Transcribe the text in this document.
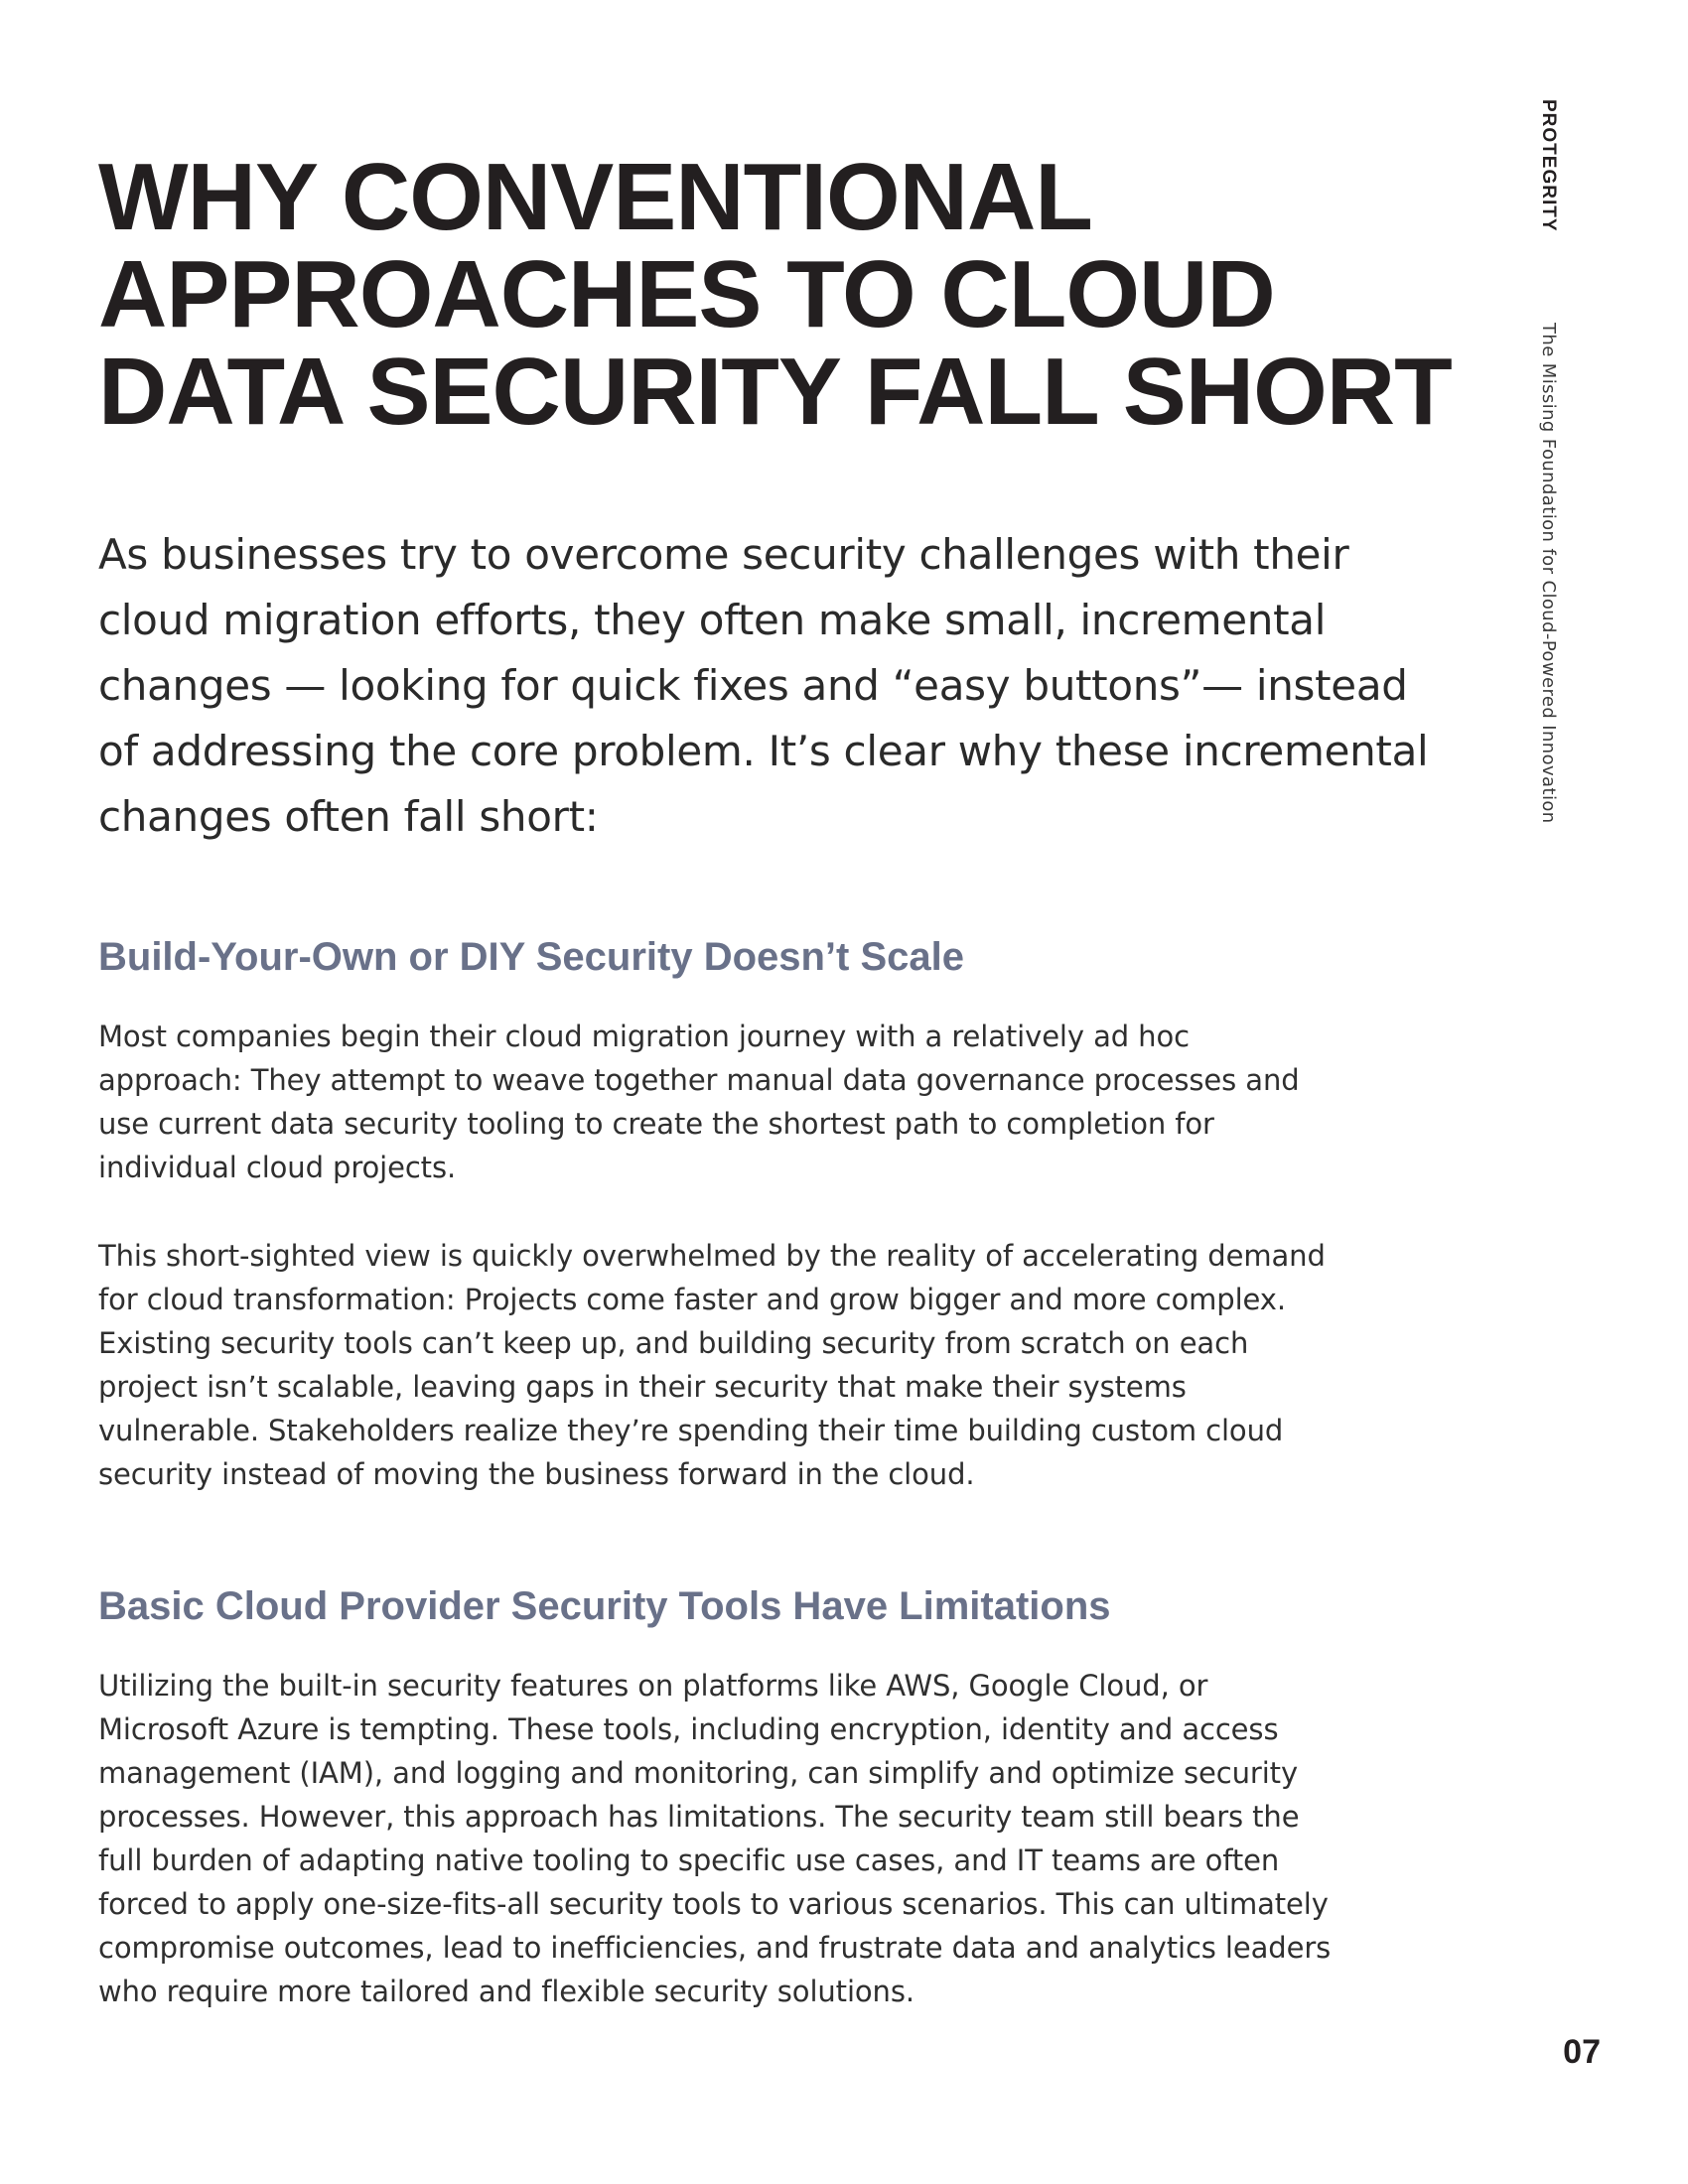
PROTEGRITY
The Missing Foundation for Cloud-Powered Innovation
WHY CONVENTIONAL APPROACHES TO CLOUD DATA SECURITY FALL SHORT

As businesses try to overcome security challenges with their cloud migration efforts, they often make small, incremental changes — looking for quick fixes and “easy buttons”— instead of addressing the core problem. It’s clear why these incremental changes often fall short:

Build-Your-Own or DIY Security Doesn’t Scale

Most companies begin their cloud migration journey with a relatively ad hoc approach: They attempt to weave together manual data governance processes and use current data security tooling to create the shortest path to completion for individual cloud projects.

This short-sighted view is quickly overwhelmed by the reality of accelerating demand for cloud transformation: Projects come faster and grow bigger and more complex. Existing security tools can’t keep up, and building security from scratch on each project isn’t scalable, leaving gaps in their security that make their systems vulnerable. Stakeholders realize they’re spending their time building custom cloud security instead of moving the business forward in the cloud.

Basic Cloud Provider Security Tools Have Limitations

Utilizing the built-in security features on platforms like AWS, Google Cloud, or Microsoft Azure is tempting. These tools, including encryption, identity and access management (IAM), and logging and monitoring, can simplify and optimize security processes. However, this approach has limitations. The security team still bears the full burden of adapting native tooling to specific use cases, and IT teams are often forced to apply one-size-fits-all security tools to various scenarios. This can ultimately compromise outcomes, lead to inefficiencies, and frustrate data and analytics leaders who require more tailored and flexible security solutions.

07
